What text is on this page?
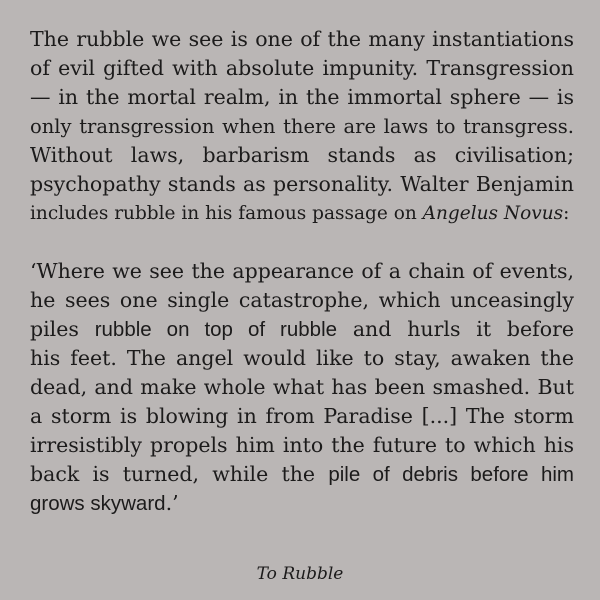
The rubble we see is one of the many instantiations
of evil gifted with absolute impunity. Transgression
— in the mortal realm, in the immortal sphere — is
only transgression when there are laws to transgress.
Without laws, barbarism stands as civilisation;
psychopathy stands as personality. Walter Benjamin
includes rubble in his famous passage on Angelus Novus:
‘Where we see the appearance of a chain of events,
he sees one single catastrophe, which unceasingly
piles rubble on top of rubble and hurls it before
his feet. The angel would like to stay, awaken the
dead, and make whole what has been smashed. But
a storm is blowing in from Paradise [...] The storm
irresistibly propels him into the future to which his
back is turned, while the pile of debris before him
grows skyward.’
To Rubble
